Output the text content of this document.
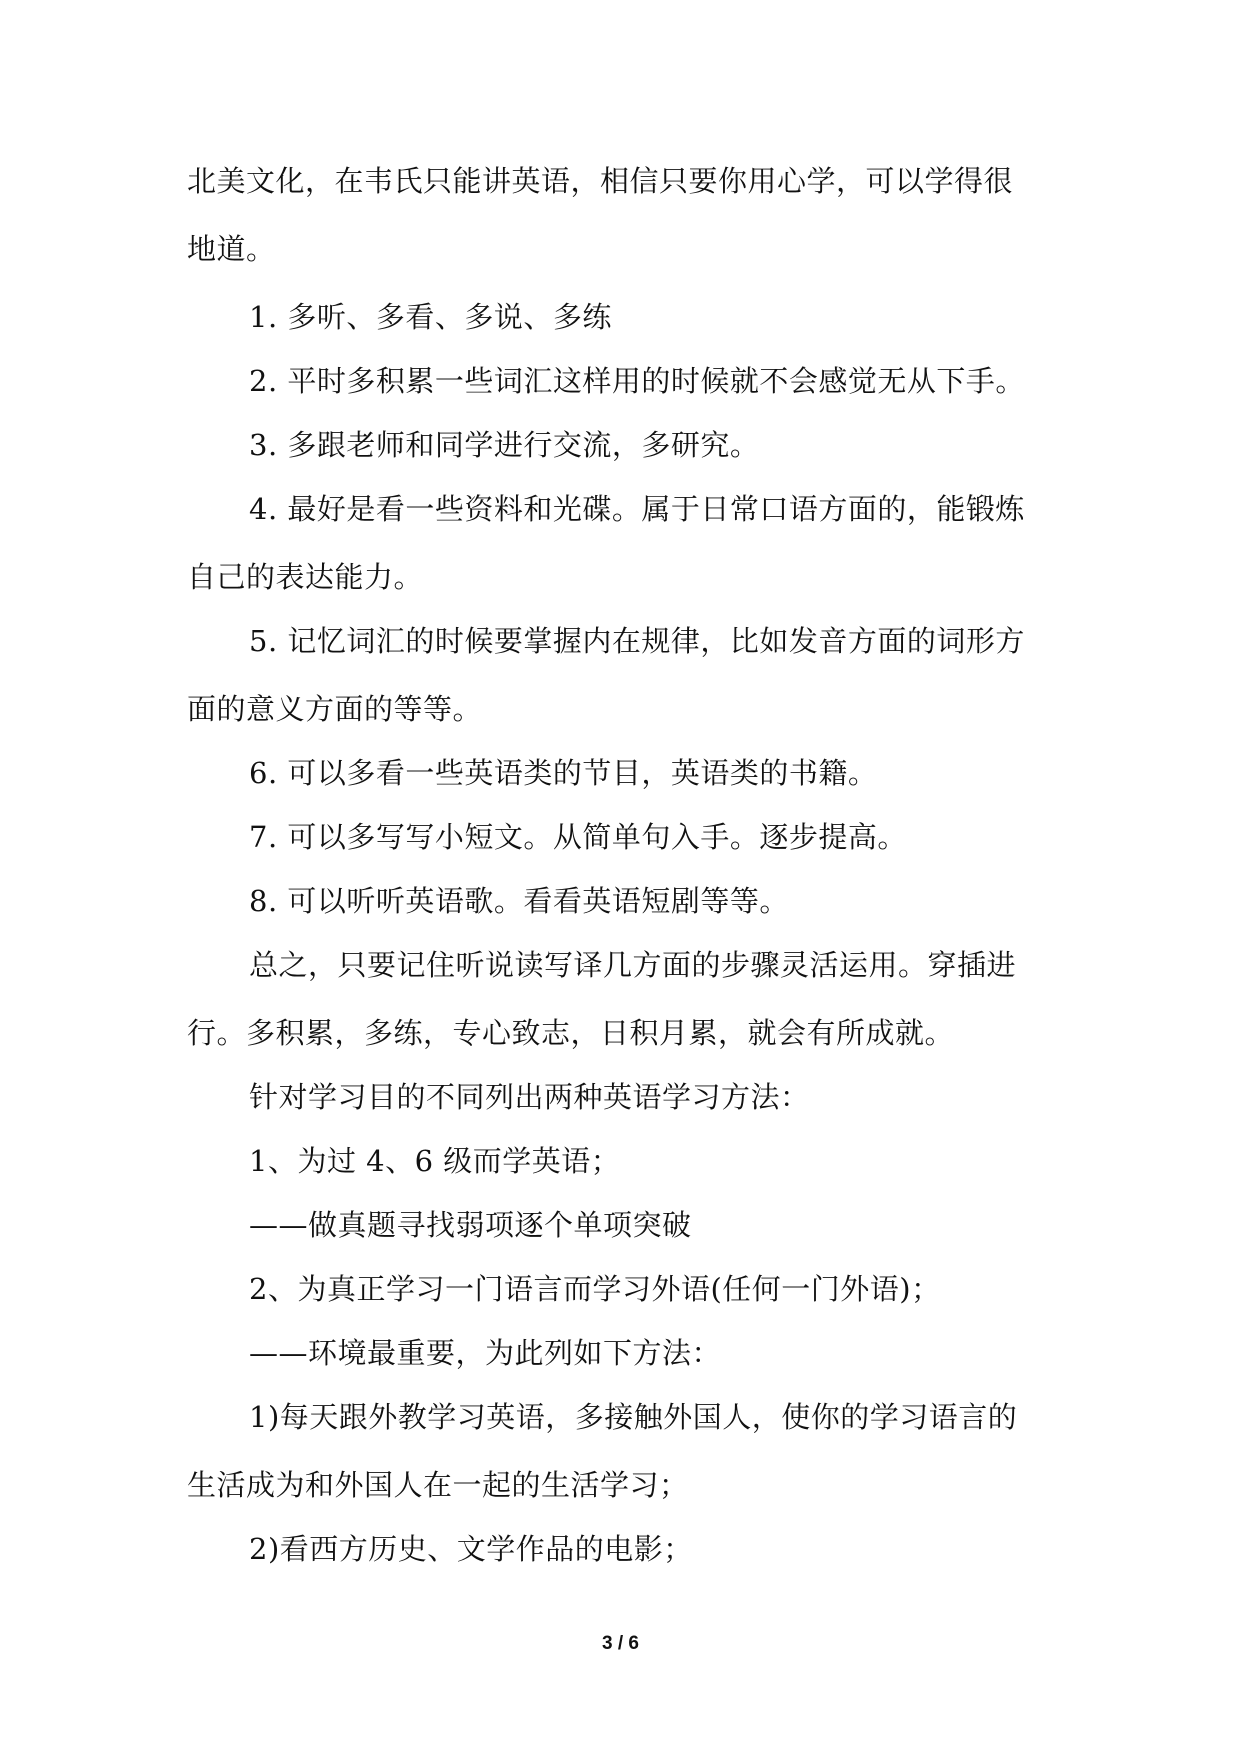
北美文化，在韦氏只能讲英语，相信只要你用心学，可以学得很
地道。
1. 多听、多看、多说、多练
2. 平时多积累一些词汇这样用的时候就不会感觉无从下手。
3. 多跟老师和同学进行交流，多研究。
4. 最好是看一些资料和光碟。属于日常口语方面的，能锻炼
自己的表达能力。
5. 记忆词汇的时候要掌握内在规律，比如发音方面的词形方
面的意义方面的等等。
6. 可以多看一些英语类的节目，英语类的书籍。
7. 可以多写写小短文。从简单句入手。逐步提高。
8. 可以听听英语歌。看看英语短剧等等。
总之，只要记住听说读写译几方面的步骤灵活运用。穿插进
行。多积累，多练，专心致志，日积月累，就会有所成就。
针对学习目的不同列出两种英语学习方法：
1、为过 4、6 级而学英语；
——做真题寻找弱项逐个单项突破
2、为真正学习一门语言而学习外语(任何一门外语)；
——环境最重要，为此列如下方法：
1)每天跟外教学习英语，多接触外国人，使你的学习语言的
生活成为和外国人在一起的生活学习；
2)看西方历史、文学作品的电影；
3 / 6
